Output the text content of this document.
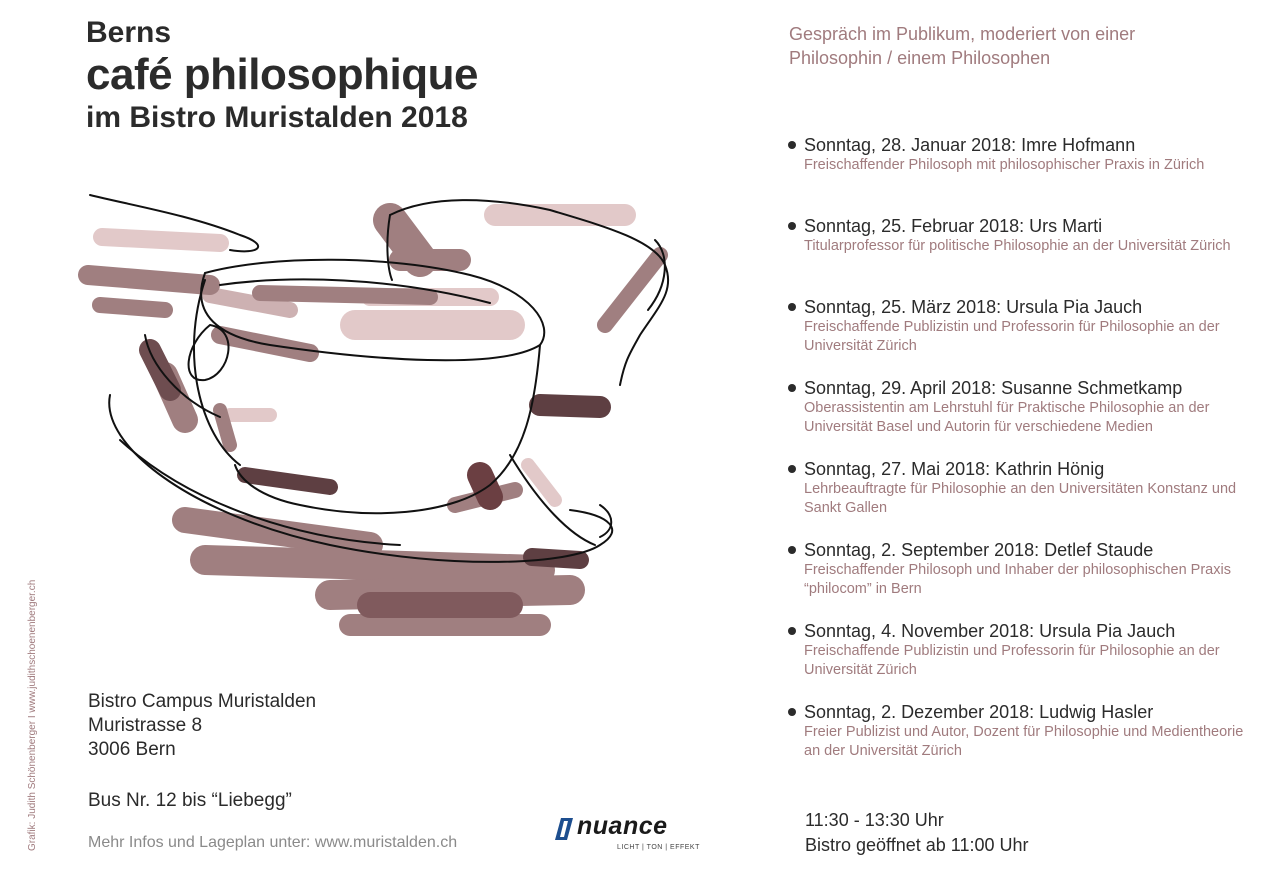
Berns
café philosophique
im Bistro Muristalden 2018
Bistro Campus Muristalden
Muristrasse 8
3006 Bern
Bus Nr. 12 bis “Liebegg”
Mehr Infos und Lageplan unter: www.muristalden.ch
Grafik: Judith Schönenberger I www.judithschoenenberger.ch	nuance
LICHT | TON | EFFEKT
Gespräch im Publikum, moderiert von einer Philosophin / einem Philosophen
Sonntag, 28. Januar 2018: Imre Hofmann
Freischaffender Philosoph mit philosophischer Praxis in Zürich
Sonntag, 25. Februar 2018: Urs Marti
Titularprofessor für politische Philosophie an der Universität Zürich
Sonntag, 25. März 2018: Ursula Pia Jauch
Freischaffende Publizistin und Professorin für Philosophie an der Universität Zürich
Sonntag, 29. April 2018: Susanne Schmetkamp
Oberassistentin am Lehrstuhl für Praktische Philosophie an der Universität Basel und Autorin für verschiedene Medien
Sonntag, 27. Mai 2018: Kathrin Hönig
Lehrbeauftragte für Philosophie an den Universitäten Konstanz und Sankt Gallen
Sonntag, 2. September 2018: Detlef Staude
Freischaffender Philosoph und Inhaber der philosophischen Praxis “philocom” in Bern
Sonntag, 4. November 2018: Ursula Pia Jauch
Freischaffende Publizistin und Professorin für Philosophie an der Universität Zürich
Sonntag, 2. Dezember 2018: Ludwig Hasler
Freier Publizist und Autor, Dozent für Philosophie und Medientheorie an der Universität Zürich
11:30 - 13:30 Uhr
Bistro geöffnet ab 11:00 Uhr
